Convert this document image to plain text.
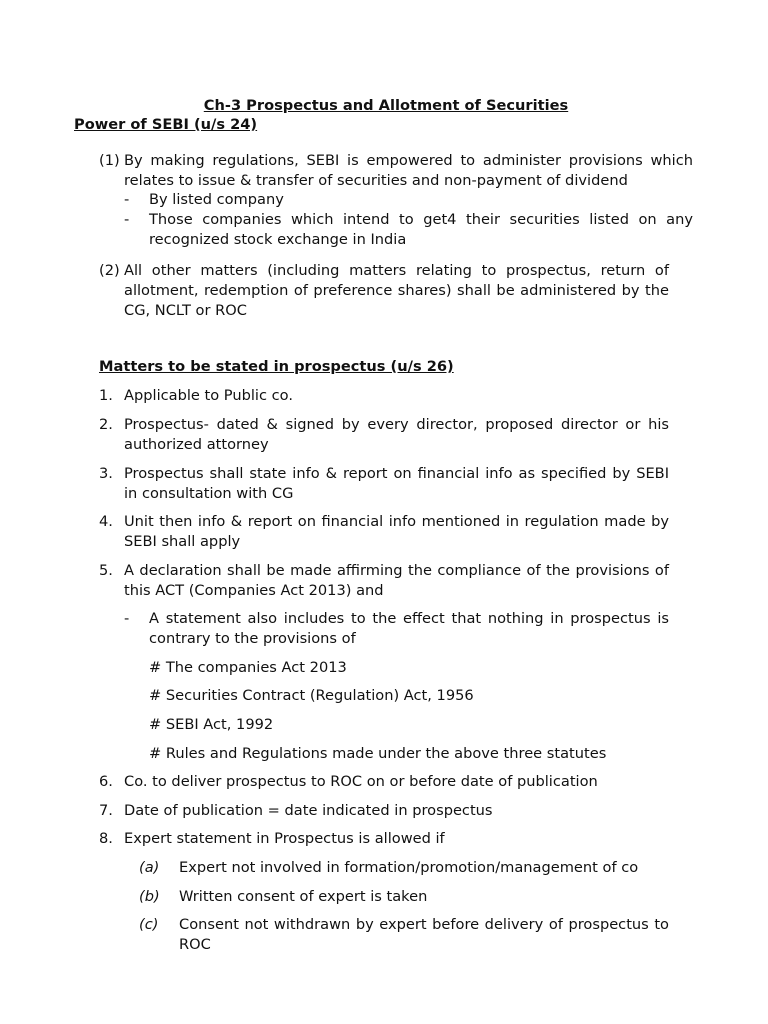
Ch-3 Prospectus and Allotment of Securities
Power of SEBI (u/s 24)
(1) By making regulations, SEBI is empowered to administer provisions which relates to issue & transfer of securities and non-payment of dividend
- By listed company
- Those companies which intend to get4 their securities listed on any recognized stock exchange in India
(2) All other matters (including matters relating to prospectus, return of allotment, redemption of preference shares) shall be administered by the CG, NCLT or ROC
Matters to be stated in prospectus (u/s 26)
1. Applicable to Public co.
2. Prospectus- dated & signed by every director, proposed director or his authorized attorney
3. Prospectus shall state info & report on financial info as specified by SEBI in consultation with CG
4. Unit then info & report on financial info mentioned in regulation made by SEBI shall apply
5. A declaration shall be made affirming the compliance of the provisions of this ACT (Companies Act 2013) and
- A statement also includes to the effect that nothing in prospectus is contrary to the provisions of
# The companies Act 2013
# Securities Contract (Regulation) Act, 1956
# SEBI Act, 1992
# Rules and Regulations made under the above three statutes
6. Co. to deliver prospectus to ROC on or before date of publication
7. Date of publication = date indicated in prospectus
8. Expert statement in Prospectus is allowed if
(a) Expert not involved in formation/promotion/management of co
(b) Written consent of expert is taken
(c) Consent not withdrawn by expert before delivery of prospectus to ROC
